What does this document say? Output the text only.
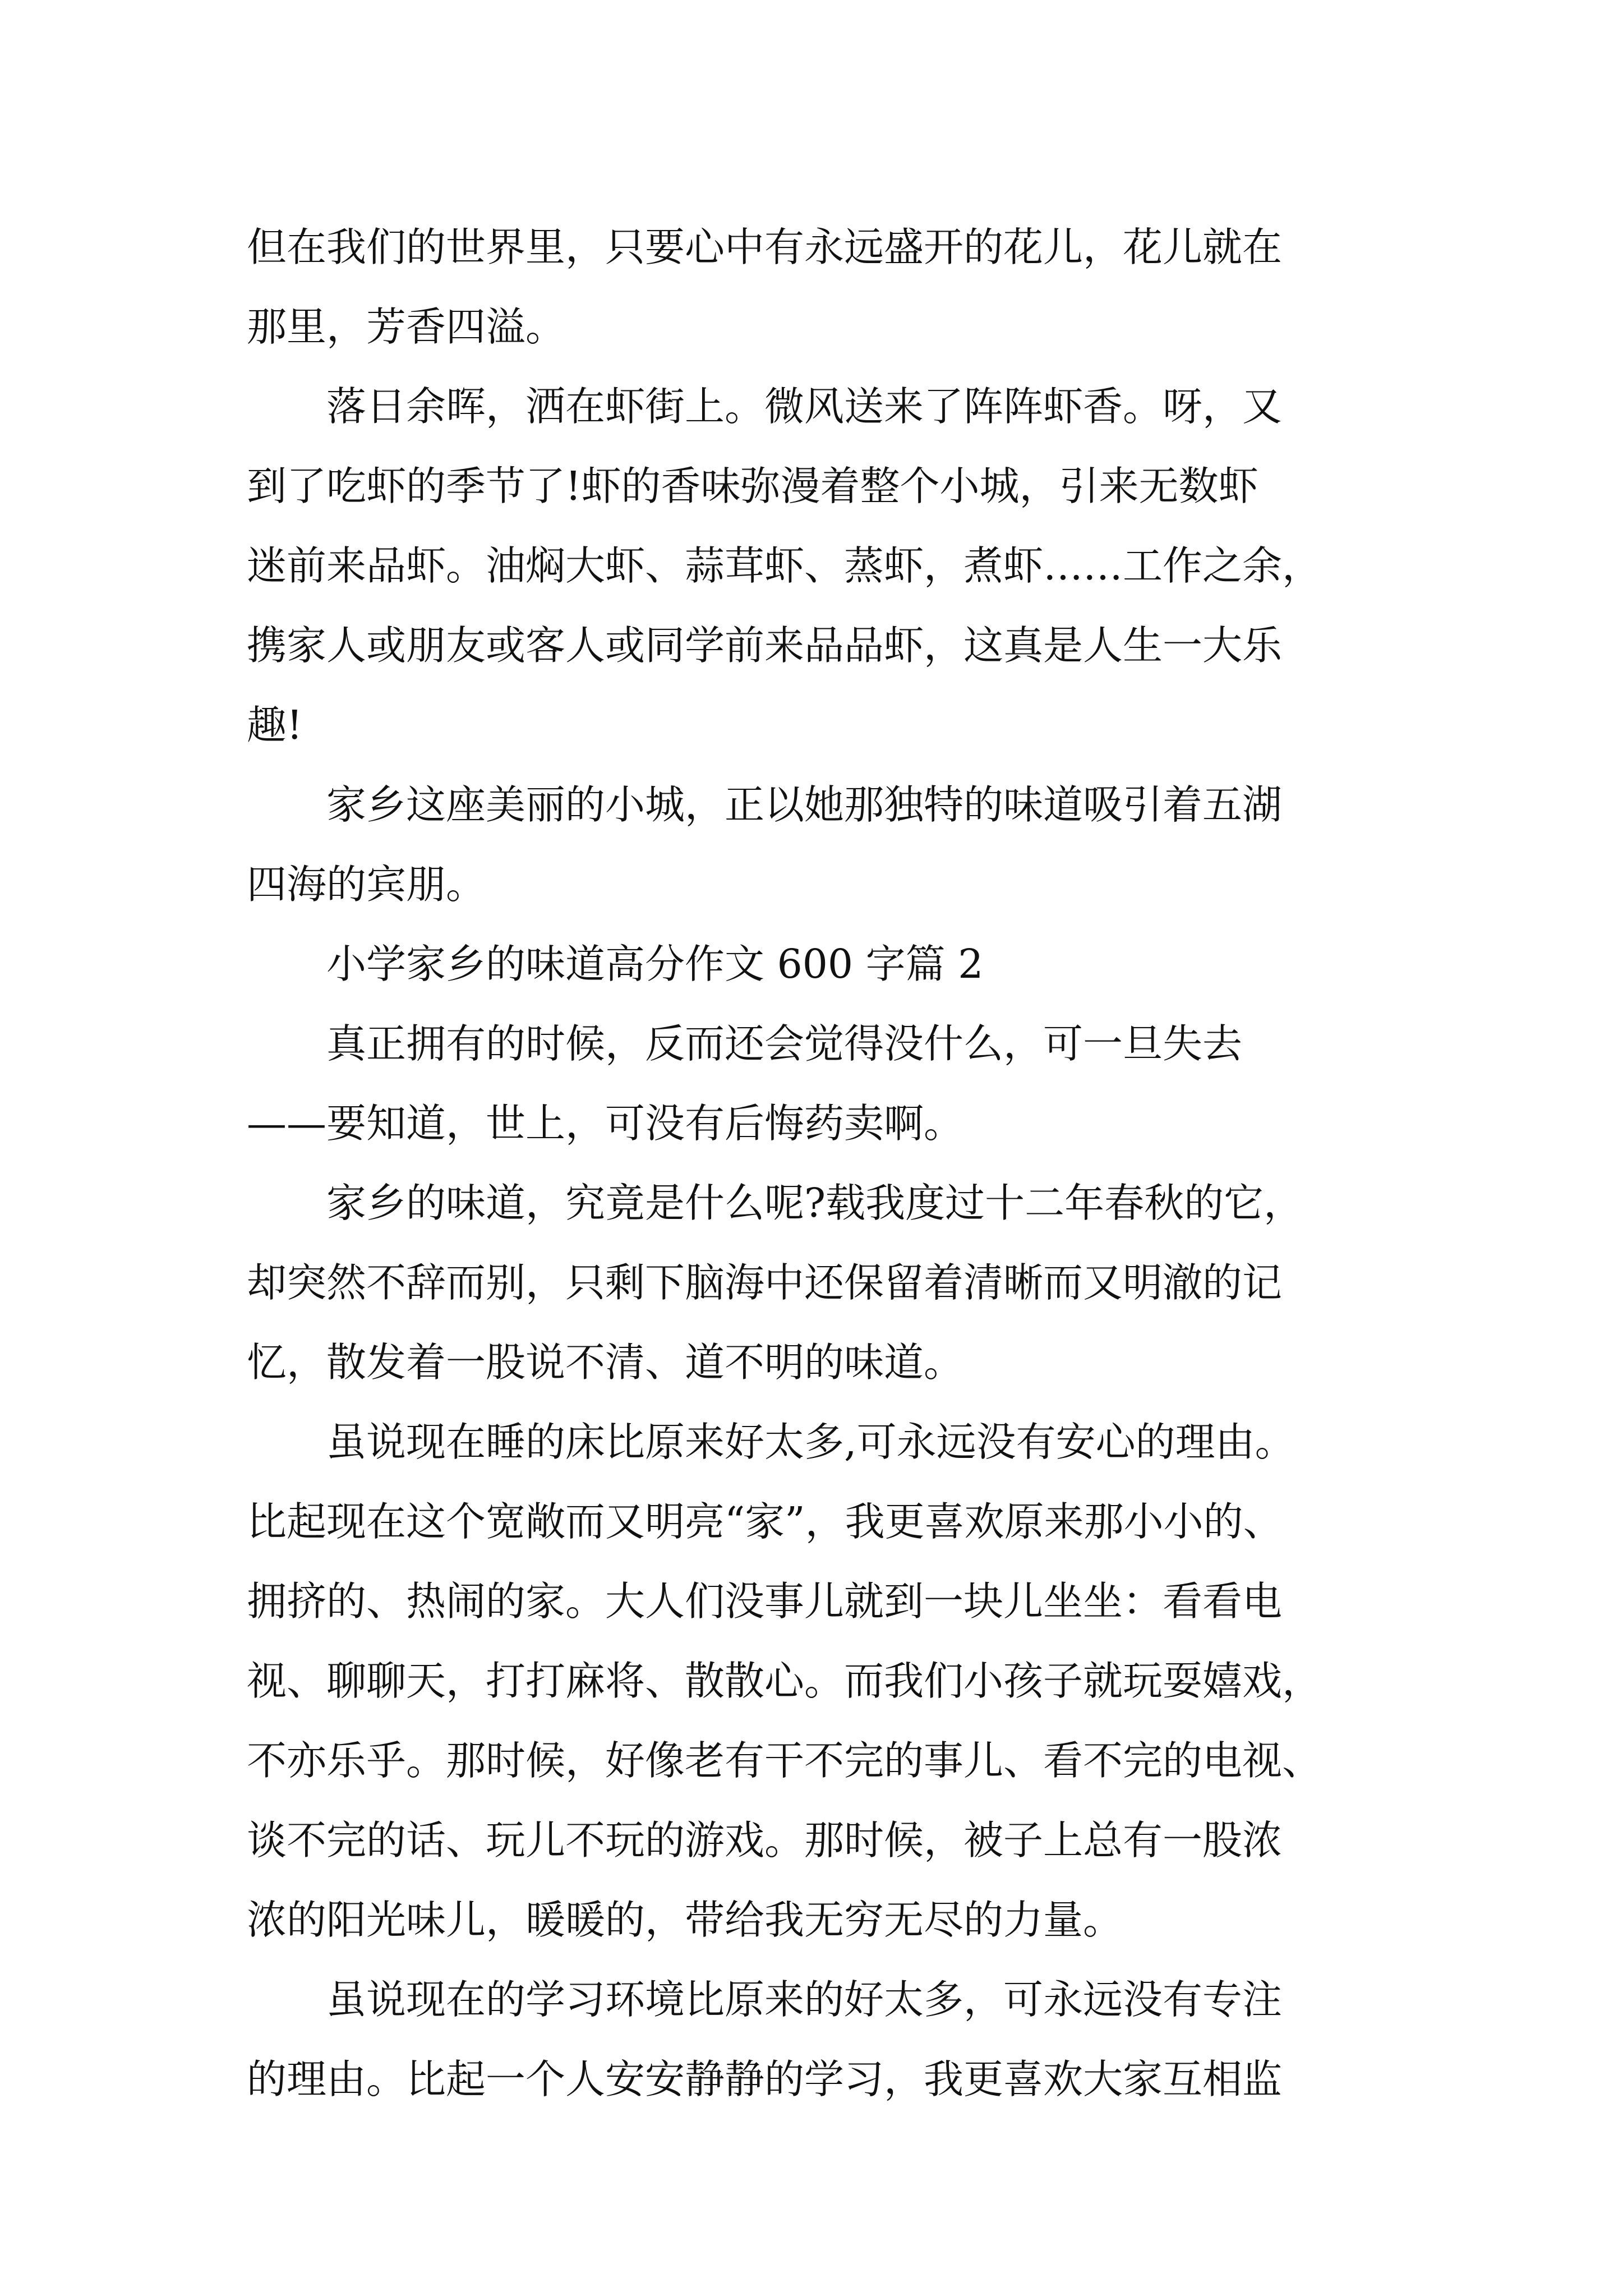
但在我们的世界里，只要心中有永远盛开的花儿，花儿就在
那里，芳香四溢。
　　落日余晖，洒在虾街上。微风送来了阵阵虾香。呀，又
到了吃虾的季节了!虾的香味弥漫着整个小城，引来无数虾
迷前来品虾。油焖大虾、蒜茸虾、蒸虾，煮虾……工作之余，
携家人或朋友或客人或同学前来品品虾，这真是人生一大乐
趣!
　　家乡这座美丽的小城，正以她那独特的味道吸引着五湖
四海的宾朋。
　　小学家乡的味道高分作文 600 字篇 2
　　真正拥有的时候，反而还会觉得没什么，可一旦失去
——要知道，世上，可没有后悔药卖啊。
　　家乡的味道，究竟是什么呢?载我度过十二年春秋的它，
却突然不辞而别，只剩下脑海中还保留着清晰而又明澈的记
忆，散发着一股说不清、道不明的味道。
　　虽说现在睡的床比原来好太多,可永远没有安心的理由。
比起现在这个宽敞而又明亮“家”，我更喜欢原来那小小的、
拥挤的、热闹的家。大人们没事儿就到一块儿坐坐：看看电
视、聊聊天，打打麻将、散散心。而我们小孩子就玩耍嬉戏，
不亦乐乎。那时候，好像老有干不完的事儿、看不完的电视、
谈不完的话、玩儿不玩的游戏。那时候，被子上总有一股浓
浓的阳光味儿，暖暖的，带给我无穷无尽的力量。
　　虽说现在的学习环境比原来的好太多，可永远没有专注
的理由。比起一个人安安静静的学习，我更喜欢大家互相监
